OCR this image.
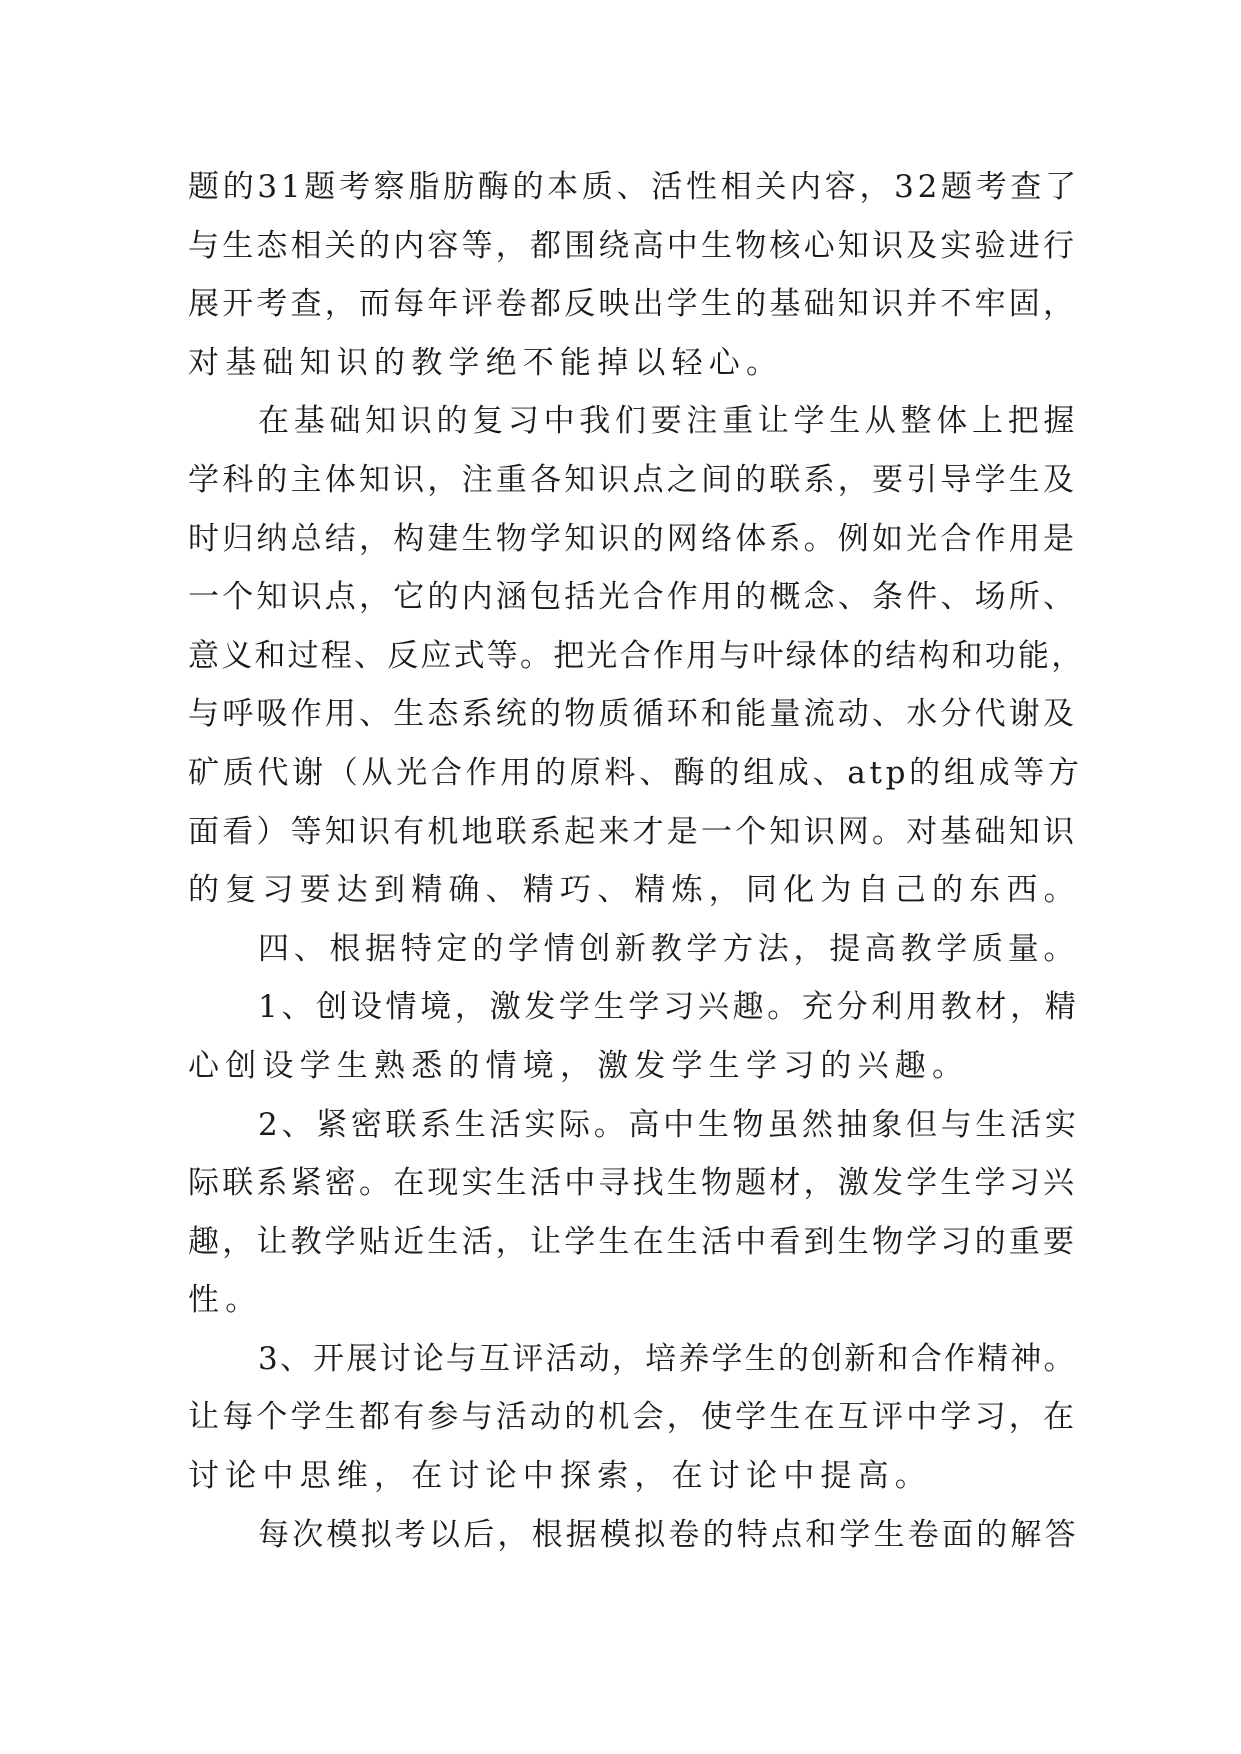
题的31题考察脂肪酶的本质、活性相关内容，32题考查了
与生态相关的内容等，都围绕高中生物核心知识及实验进行
展开考查，而每年评卷都反映出学生的基础知识并不牢固，
对基础知识的教学绝不能掉以轻心。
在基础知识的复习中我们要注重让学生从整体上把握
学科的主体知识，注重各知识点之间的联系，要引导学生及
时归纳总结，构建生物学知识的网络体系。例如光合作用是
一个知识点，它的内涵包括光合作用的概念、条件、场所、
意义和过程、反应式等。把光合作用与叶绿体的结构和功能，
与呼吸作用、生态系统的物质循环和能量流动、水分代谢及
矿质代谢（从光合作用的原料、酶的组成、atp的组成等方
面看）等知识有机地联系起来才是一个知识网。对基础知识
的复习要达到精确、精巧、精炼，同化为自己的东西。
四、根据特定的学情创新教学方法，提高教学质量。
1、创设情境，激发学生学习兴趣。充分利用教材，精
心创设学生熟悉的情境，激发学生学习的兴趣。
2、紧密联系生活实际。高中生物虽然抽象但与生活实
际联系紧密。在现实生活中寻找生物题材，激发学生学习兴
趣，让教学贴近生活，让学生在生活中看到生物学习的重要
性。
3、开展讨论与互评活动，培养学生的创新和合作精神。
让每个学生都有参与活动的机会，使学生在互评中学习，在
讨论中思维，在讨论中探索，在讨论中提高。
每次模拟考以后，根据模拟卷的特点和学生卷面的解答
